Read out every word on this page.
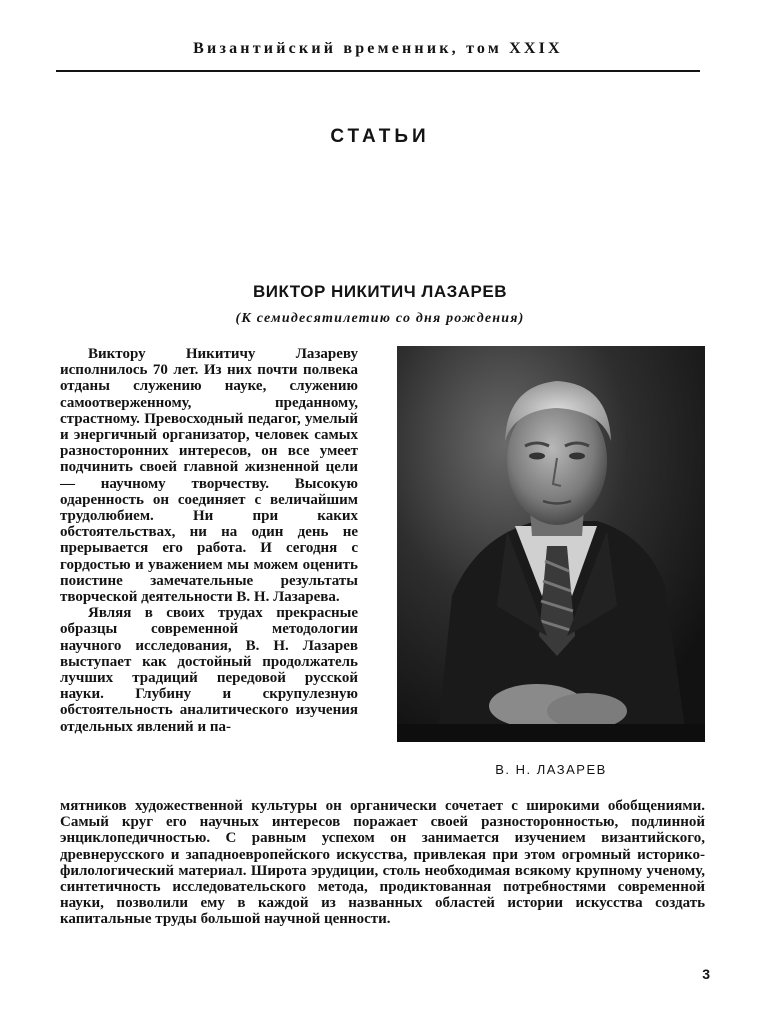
Византийский временник, том XXIX
СТАТЬИ
ВИКТОР НИКИТИЧ ЛАЗАРЕВ
(К семидесятилетию со дня рождения)

Виктору Никитичу Лазареву исполнилось 70 лет. Из них почти полвека отданы служению науке, служению самоотверженному, преданному, страстному. Превосходный педагог, умелый и энергичный организатор, человек самых разносторонних интересов, он все умеет подчинить своей главной жизненной цели — научному творчеству. Высокую одаренность он соединяет с величайшим трудолюбием. Ни при каких обстоятельствах, ни на один день не прерывается его работа. И сегодня с гордостью и уважением мы можем оценить поистине замечательные результаты творческой деятельности В. Н. Лазарева.

Являя в своих трудах прекрасные образцы современной методологии научного исследования, В. Н. Лазарев выступает как достойный продолжатель лучших традиций передовой русской науки. Глубину и скрупулезную обстоятельность аналитического изучения отдельных явлений и па-

В. Н. ЛАЗАРЕВ

мятников художественной культуры он органически сочетает с широкими обобщениями. Самый круг его научных интересов поражает своей разносторонностью, подлинной энциклопедичностью. С равным успехом он занимается изучением византийского, древнерусского и западноевропейского искусства, привлекая при этом огромный историко-филологический материал. Широта эрудиции, столь необходимая всякому крупному ученому, синтетичность исследовательского метода, продиктованная потребностями современной науки, позволили ему в каждой из названных областей истории искусства создать капитальные труды большой научной ценности.

3
